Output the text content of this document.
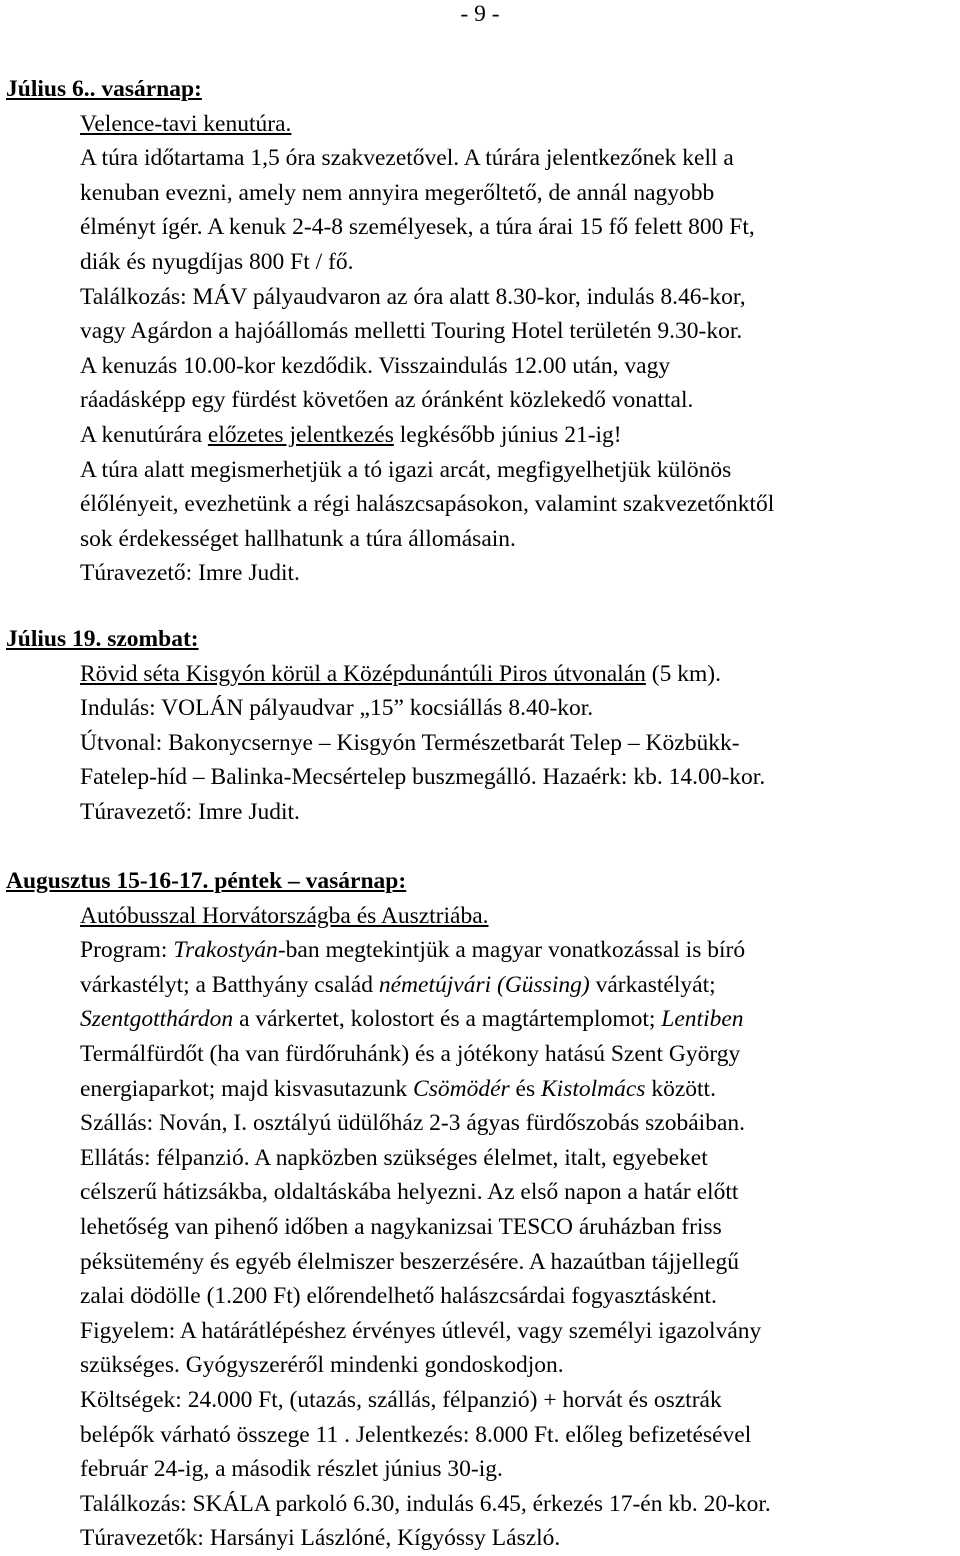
- 9 -
Július 6.. vasárnap:
Velence-tavi kenutúra.
A túra időtartama 1,5 óra szakvezetővel. A túrára jelentkezőnek kell a
kenuban evezni, amely nem annyira megerőltető, de annál nagyobb
élményt ígér. A kenuk 2-4-8 személyesek, a túra árai 15 fő felett 800 Ft,
diák és nyugdíjas 800 Ft / fő.
Találkozás: MÁV pályaudvaron az óra alatt 8.30-kor, indulás 8.46-kor,
vagy Agárdon a hajóállomás melletti Touring Hotel területén 9.30-kor.
A kenuzás 10.00-kor kezdődik. Visszaindulás 12.00 után, vagy
ráadásképp egy fürdést követően az óránként közlekedő vonattal.
A kenutúrára előzetes jelentkezés legkésőbb június 21-ig!
A túra alatt megismerhetjük a tó igazi arcát, megfigyelhetjük különös
élőlényeit, evezhetünk a régi halászcsapásokon, valamint szakvezetőnktől
sok érdekességet hallhatunk a túra állomásain.
Túravezető: Imre Judit.
Július 19. szombat:
Rövid séta Kisgyón körül a Középdunántúli Piros útvonalán (5 km).
Indulás: VOLÁN pályaudvar „15” kocsiállás 8.40-kor.
Útvonal: Bakonycsernye – Kisgyón Természetbarát Telep – Közbükk-
Fatelep-híd – Balinka-Mecsértelep buszmegálló. Hazaérk: kb. 14.00-kor.
Túravezető: Imre Judit.
Augusztus 15-16-17. péntek – vasárnap:
Autóbusszal Horvátországba és Ausztriába.
Program: Trakostyán-ban megtekintjük a magyar vonatkozással is bíró
várkastélyt; a Batthyány család németújvári (Güssing) várkastélyát;
Szentgotthárdon a várkertet, kolostort és a magtártemplomot; Lentiben
Termálfürdőt (ha van fürdőruhánk) és a jótékony hatású Szent György
energiaparkot; majd kisvasutazunk Csömödér és Kistolmács között.
Szállás: Nován, I. osztályú üdülőház 2-3 ágyas fürdőszobás szobáiban.
Ellátás: félpanzió. A napközben szükséges élelmet, italt, egyebeket
célszerű hátizsákba, oldaltáskába helyezni. Az első napon a határ előtt
lehetőség van pihenő időben a nagykanizsai TESCO áruházban friss
péksütemény és egyéb élelmiszer beszerzésére. A hazaútban tájjellegű
zalai dödölle (1.200 Ft) előrendelhető halászcsárdai fogyasztásként.
Figyelem: A határátlépéshez érvényes útlevél, vagy személyi igazolvány
szükséges. Gyógyszeréről mindenki gondoskodjon.
Költségek: 24.000 Ft, (utazás, szállás, félpanzió) + horvát és osztrák
belépők várható összege 11 . Jelentkezés: 8.000 Ft. előleg befizetésével
február 24-ig, a második részlet június 30-ig.
Találkozás: SKÁLA parkoló 6.30, indulás 6.45, érkezés 17-én kb. 20-kor.
Túravezetők: Harsányi Lászlóné, Kígyóssy László.
